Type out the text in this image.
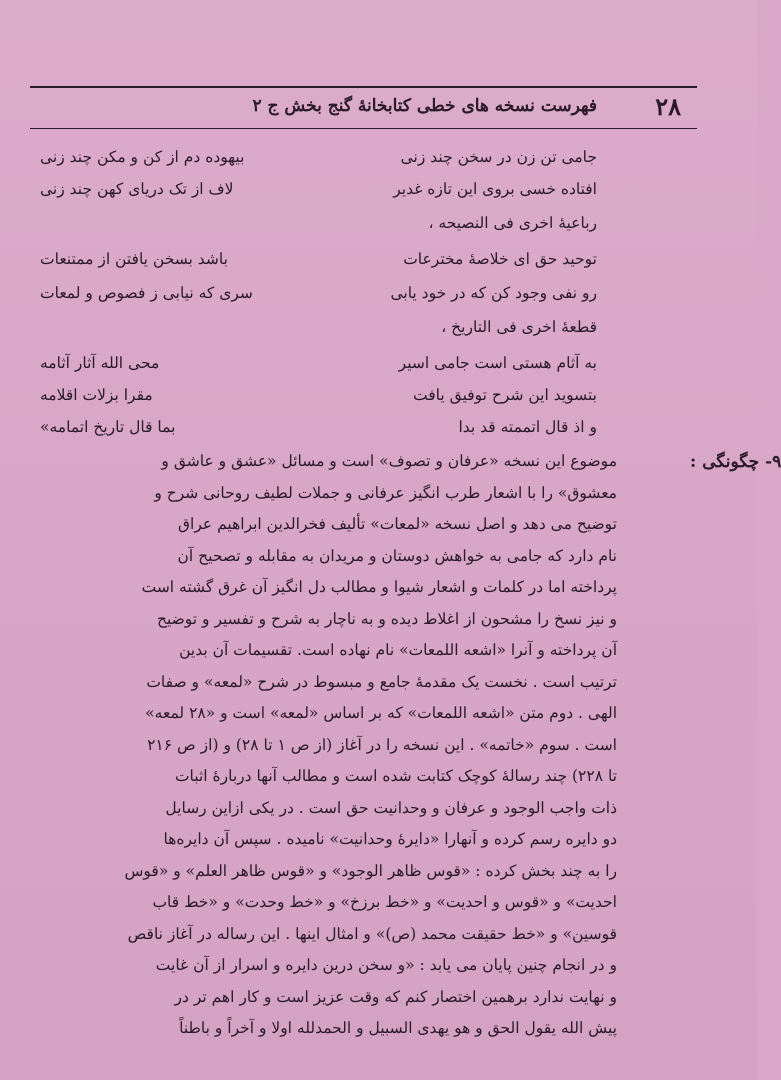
۲۸
فهرست نسخه های خطی کتابخانهٔ گنج بخش ج ۲
جامی تن زن در سخن چند زنی
بیهوده دم از کن و مکن چند زنی
افتاده خسی بروی این تازه غدیر
لاف از تک دریای کهن چند زنی
رباعیهٔ اخری فی النصیحه ،
توحید حق ای خلاصهٔ مخترعات
باشد بسخن یافتن از ممتنعات
رو نفی وجود کن که در خود یابی
سری که نیابی ز فصوص و لمعات
قطعهٔ اخری فی التاریخ ،
به آثام هستی است جامی اسیر
محی الله آثار آثامه
بتسوید این شرح توفیق یافت
مقرا بزلات اقلامه
و اذ قال اتممته قد بدا
بما قال تاریخ اتمامه»
۹- چگونگی :
موضوع این نسخه «عرفان و تصوف» است و مسائل «عشق و عاشق و
معشوق» را با اشعار طرب انگیز عرفانی و جملات لطیف روحانی شرح و
توضیح می دهد و اصل نسخه «لمعات» تألیف فخرالدین ابراهیم عراق
نام دارد که جامی به خواهش دوستان و مریدان به مقابله و تصحیح آن
پرداخته اما در کلمات و اشعار شیوا و مطالب دل انگیز آن غرق گشته است
و نیز نسخ را مشحون از اغلاط دیده و به ناچار به شرح و تفسیر و توضیح
آن پرداخته و آنرا «اشعه اللمعات» نام نهاده است. تقسیمات آن بدین
ترتیب است . نخست یک مقدمهٔ جامع و مبسوط در شرح «لمعه» و صفات
الهی . دوم متن «اشعه اللمعات» که بر اساس «لمعه» است و «۲۸ لمعه»
است . سوم «خاتمه» . این نسخه را در آغاز (از ص ۱ تا ۲۸) و (از ص ۲۱۶
تا ۲۲۸) چند رسالهٔ کوچک کتابت شده است و مطالب آنها دربارهٔ اثبات
ذات واجب الوجود و عرفان و وحدانیت حق است . در یکی ازاین رسایل
دو دایره رسم کرده و آنهارا «دایرهٔ وحدانیت» نامیده . سپس آن دایره‌ها
را به چند بخش کرده : «قوس ظاهر الوجود» و «قوس ظاهر العلم» و «قوس
احدیت» و «قوس و احدیت» و «خط برزخ» و «خط وحدت» و «خط قاب
قوسین» و «خط حقیقت محمد (ص)» و امثال اینها . این رساله در آغاز ناقص
و در انجام چنین پایان می یابد : «و سخن درین دایره و اسرار از آن غایت
و نهایت ندارد برهمین اختصار کنم که وقت عزیز است و کار اهم تر در
پیش الله یقول الحق و هو یهدی السبیل و الحمدلله اولا و آخراً و باطناً
